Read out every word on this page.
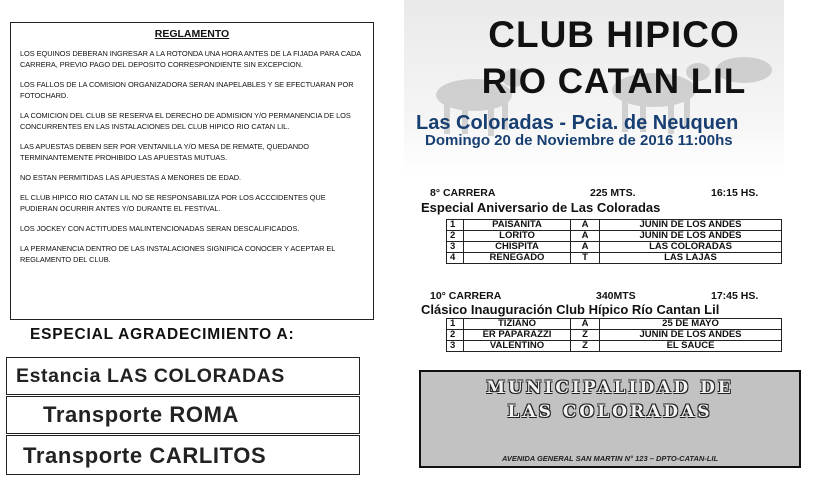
REGLAMENTO
LOS EQUINOS DEBERAN INGRESAR A LA ROTONDA UNA HORA ANTES DE LA FIJADA PARA CADA CARRERA, PREVIO PAGO DEL DEPOSITO CORRESPONDIENTE SIN EXCEPCION.
LOS FALLOS DE LA COMISION ORGANIZADORA SERAN INAPELABLES Y SE EFECTUARAN POR FOTOCHARD.
LA COMICION DEL CLUB SE RESERVA EL DERECHO DE ADMISION Y/O PERMANENCIA DE LOS CONCURRENTES EN LAS INSTALACIONES DEL CLUB HIPICO RIO CATAN LIL.
LAS APUESTAS DEBEN SER POR VENTANILLA Y/O MESA DE REMATE, QUEDANDO TERMINANTEMENTE PROHIBIDO LAS APUESTAS MUTUAS.
NO ESTAN PERMITIDAS LAS APUESTAS A MENORES DE EDAD.
EL CLUB HIPICO RIO CATAN LIL NO SE RESPONSABILIZA POR LOS ACCCIDENTES QUE PUDIERAN OCURRIR ANTES Y/O DURANTE EL FESTIVAL.
LOS JOCKEY CON ACTITUDES MALINTENCIONADAS SERAN DESCALIFICADOS.
LA PERMANENCIA DENTRO DE LAS INSTALACIONES SIGNIFICA CONOCER Y ACEPTAR EL REGLAMENTO DEL CLUB.
ESPECIAL AGRADECIMIENTO A:
Estancia LAS COLORADAS
Transporte ROMA
Transporte CARLITOS
CLUB HIPICO
RIO CATAN LIL
Las Coloradas - Pcia. de Neuquen
Domingo 20 de Noviembre de 2016 11:00hs
8° CARRERA	225 MTS.	16:15 HS.
Especial Aniversario de Las Coloradas
1	PAISANITA	A	JUNIN DE LOS ANDES
2	LORITO	A	JUNIN DE LOS ANDES
3	CHISPITA	A	LAS COLORADAS
4	RENEGADO	T	LAS LAJAS
10° CARRERA	340MTS	17:45 HS.
Clásico Inauguración Club Hípico Río Cantan Lil
1	TIZIANO	A	25 DE MAYO
2	ER PAPARAZZI	Z	JUNIN DE LOS ANDES
3	VALENTINO	Z	EL SAUCE
MUNICIPALIDAD DE
LAS COLORADAS
AVENIDA GENERAL SAN MARTIN N° 123 – DPTO-CATAN-LIL
